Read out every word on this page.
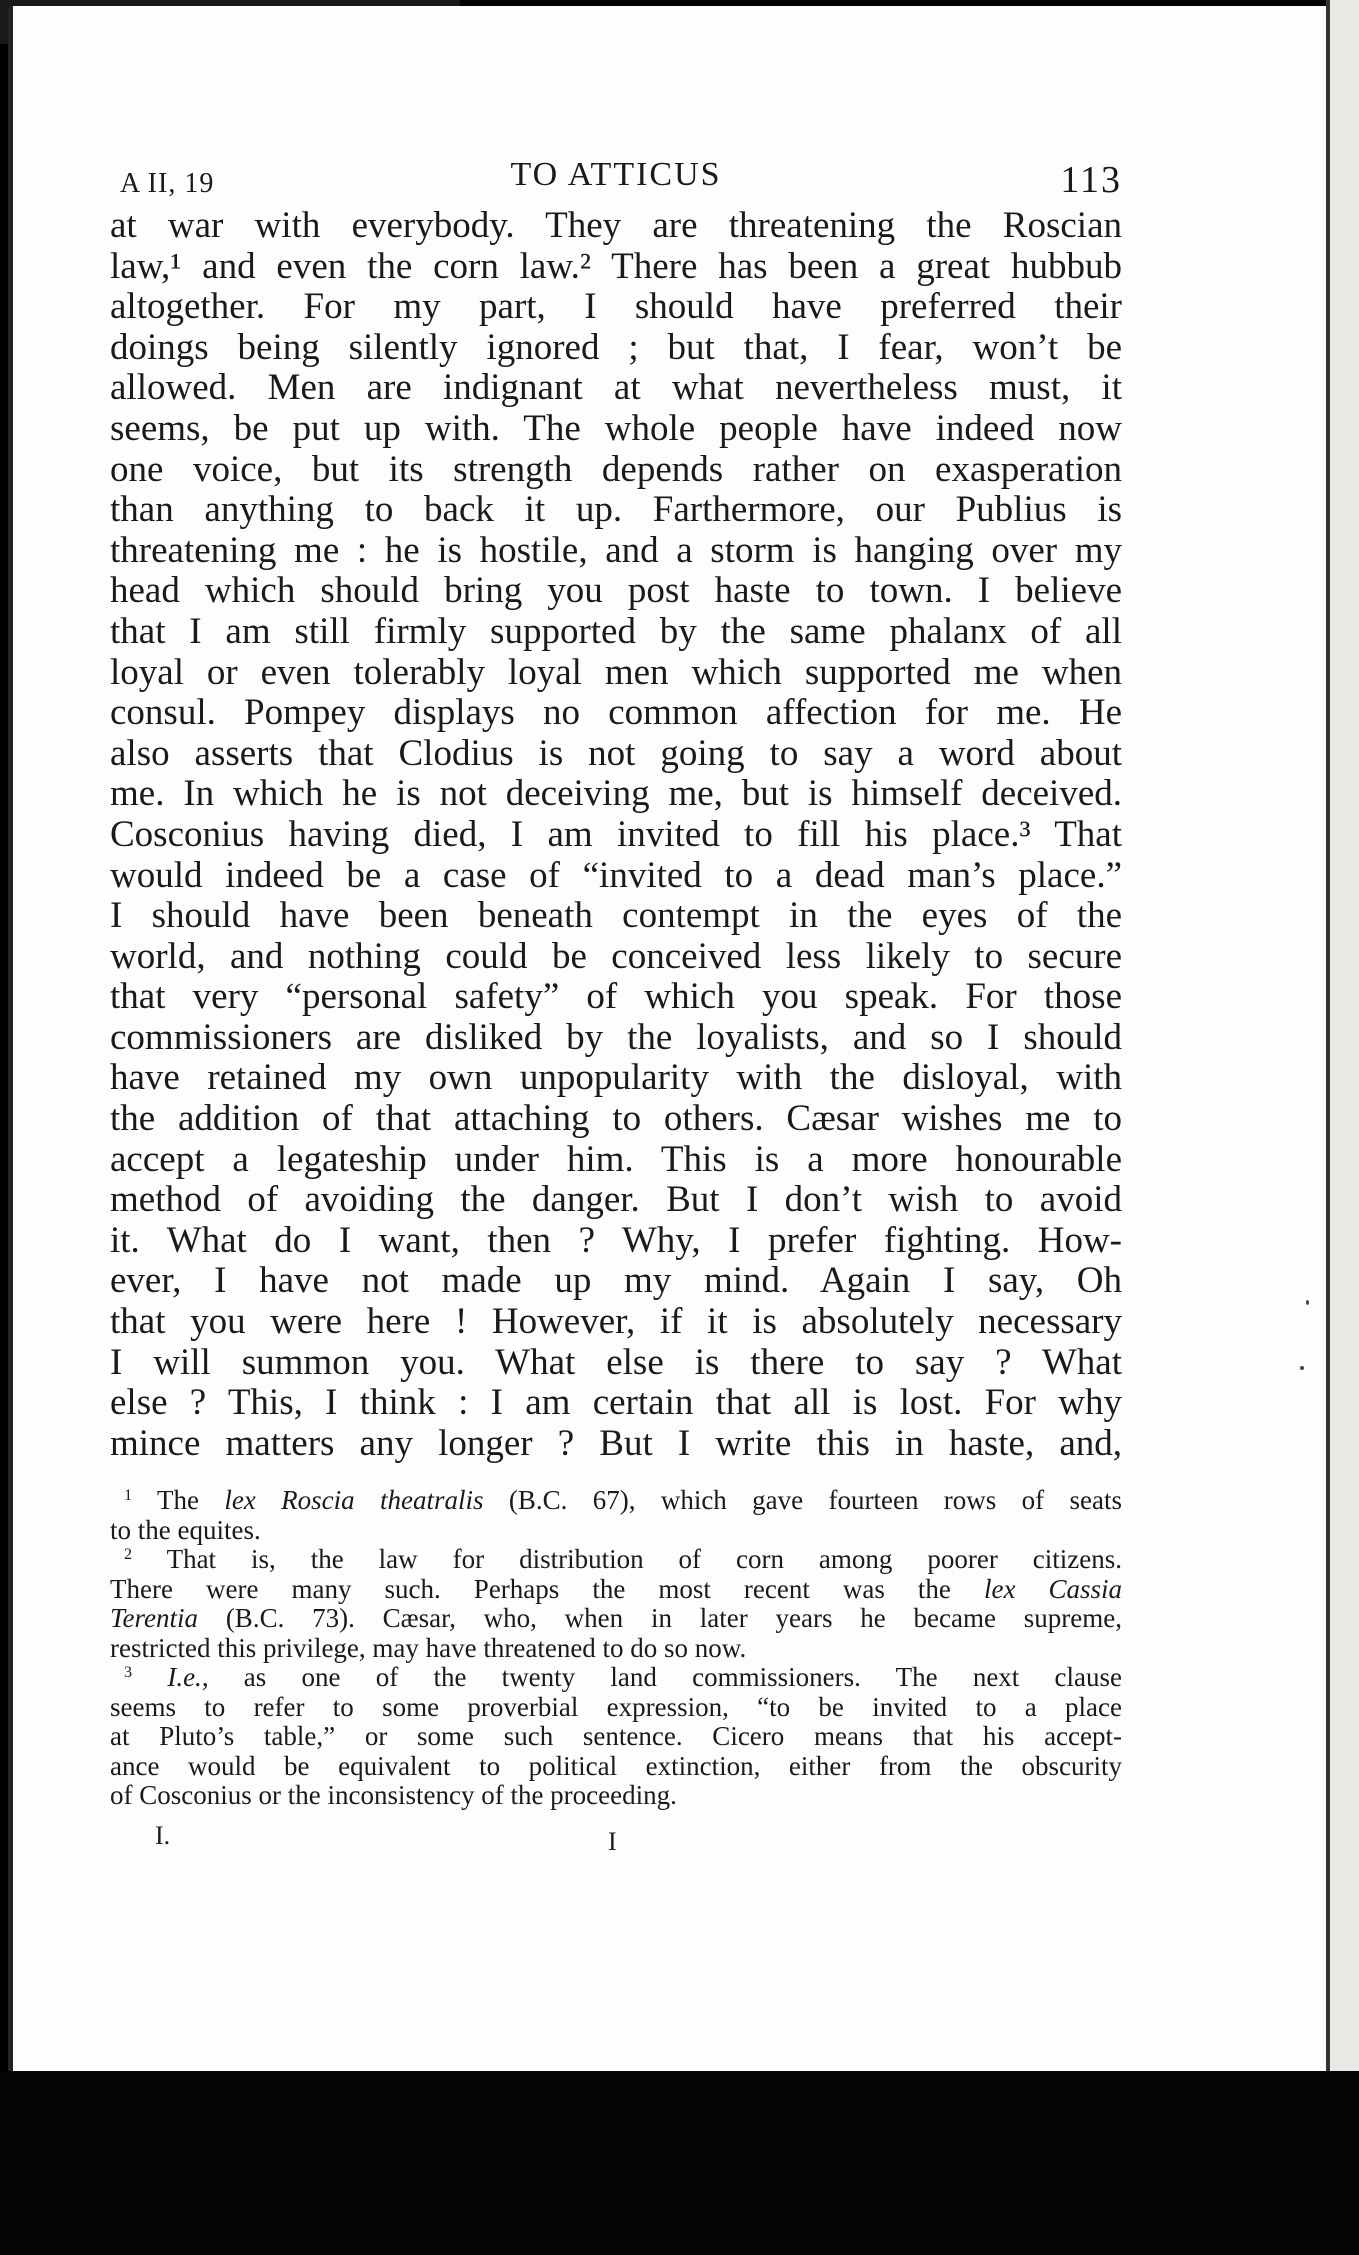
A II, 19	TO ATTICUS	113
at war with everybody. They are threatening the Roscian
law,¹ and even the corn law.² There has been a great hubbub
altogether. For my part, I should have preferred their
doings being silently ignored ; but that, I fear, won’t be
allowed. Men are indignant at what nevertheless must, it
seems, be put up with. The whole people have indeed now
one voice, but its strength depends rather on exasperation
than anything to back it up. Farthermore, our Publius is
threatening me : he is hostile, and a storm is hanging over my
head which should bring you post haste to town. I believe
that I am still firmly supported by the same phalanx of all
loyal or even tolerably loyal men which supported me when
consul. Pompey displays no common affection for me. He
also asserts that Clodius is not going to say a word about
me. In which he is not deceiving me, but is himself deceived.
Cosconius having died, I am invited to fill his place.³ That
would indeed be a case of “invited to a dead man’s place.”
I should have been beneath contempt in the eyes of the
world, and nothing could be conceived less likely to secure
that very “personal safety” of which you speak. For those
commissioners are disliked by the loyalists, and so I should
have retained my own unpopularity with the disloyal, with
the addition of that attaching to others. Cæsar wishes me to
accept a legateship under him. This is a more honourable
method of avoiding the danger. But I don’t wish to avoid
it. What do I want, then ? Why, I prefer fighting. How-
ever, I have not made up my mind. Again I say, Oh
that you were here ! However, if it is absolutely necessary
I will summon you. What else is there to say ? What
else ? This, I think : I am certain that all is lost. For why
mince matters any longer ? But I write this in haste, and,
$^1$ The lex Roscia theatralis (B.C. 67), which gave fourteen rows of seats
to the equites.
$^2$ That is, the law for distribution of corn among poorer citizens.
There were many such. Perhaps the most recent was the lex Cassia
Terentia (B.C. 73). Cæsar, who, when in later years he became supreme,
restricted this privilege, may have threatened to do so now.
$^3$ I.e., as one of the twenty land commissioners. The next clause
seems to refer to some proverbial expression, “to be invited to a place
at Pluto’s table,” or some such sentence. Cicero means that his accept-
ance would be equivalent to political extinction, either from the obscurity
of Cosconius or the inconsistency of the proceeding.
I.	I
